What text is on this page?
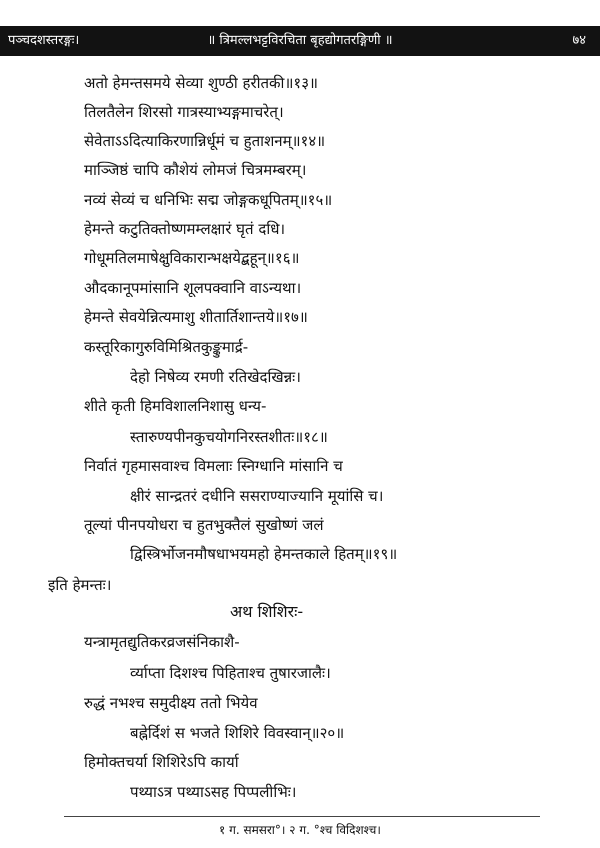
पञ्चदशस्तरङ्गः।	॥ त्रिमल्लभट्टविरचिता बृहद्योगतरङ्गिणी ॥	७४
अतो हेमन्तसमये सेव्या शुण्ठी हरीतकी॥१३॥
तिलतैलेन शिरसो गात्रस्याभ्यङ्गमाचरेत्।
सेवेताऽऽदित्याकिरणान्निर्धूमं च हुताशनम्॥१४॥
माञ्जिष्ठं चापि कौशेयं लोमजं चित्रमम्बरम्।
नव्यं सेव्यं च धनिभिः सद्म जोङ्गकधूपितम्॥१५॥
हेमन्ते कटुतिक्तोष्णमम्लक्षारं घृतं दधि।
गोधूमतिलमाषेक्षुविकारान्भक्षयेद्बहून्॥१६॥
औदकानूपमांसानि शूलपक्वानि वाऽन्यथा।
हेमन्ते सेवयेन्नित्यमाशु शीतार्तिशान्तये॥१७॥
कस्तूरिकागुरुविमिश्रितकुङ्कुमार्द्र-
देहो निषेव्य रमणी रतिखेदखिन्नः।
शीते कृती हिमविशालनिशासु धन्य-
स्तारुण्यपीनकुचयोगनिरस्तशीतः॥१८॥
निर्वातं गृहमासवाश्च विमलाः स्निग्धानि मांसानि च
क्षीरं सान्द्रतरं दधीनि ससराण्याज्यानि मूयांसि च।
तूल्यां पीनपयोधरा च हुतभुक्तैलं सुखोष्णं जलं
द्विस्त्रिर्भोजनमौषधाभयमहो हेमन्तकाले हितम्॥१९॥
इति हेमन्तः।
अथ शिशिरः-
यन्त्रामृतद्युतिकरव्रजसंनिकाशै-
र्व्याप्ता दिशश्च पिहिताश्च तुषारजालैः।
रुद्धं नभश्च समुदीक्ष्य ततो भियेव
बह्नेर्दिशं स भजते शिशिरे विवस्वान्॥२०॥
हिमोक्तचर्या शिशिरेऽपि कार्या
पथ्याऽत्र पथ्याऽसह पिप्पलीभिः।
१ ग. समसरा°। २ ग. °श्च विदिशश्च।
